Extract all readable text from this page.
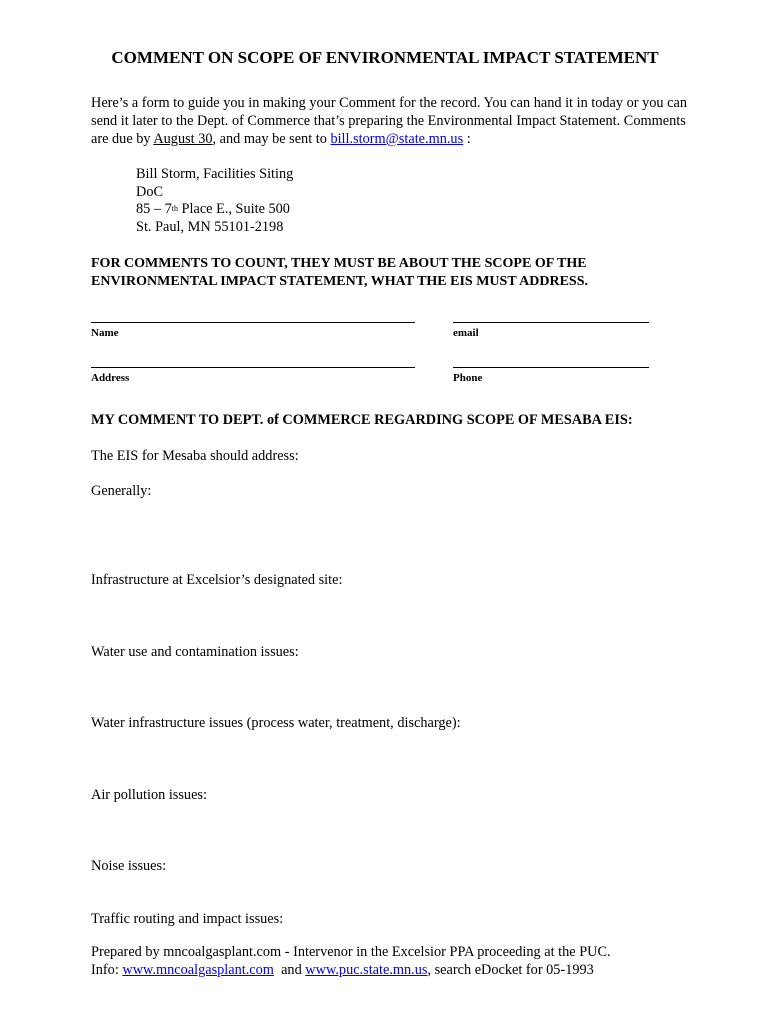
COMMENT ON SCOPE OF ENVIRONMENTAL IMPACT STATEMENT
Here’s a form to guide you in making your Comment for the record. You can hand it in today or you can send it later to the Dept. of Commerce that’s preparing the Environmental Impact Statement. Comments are due by August 30, and may be sent to bill.storm@state.mn.us :
Bill Storm, Facilities Siting
DoC
85 – 7th Place E., Suite 500
St. Paul, MN 55101-2198
FOR COMMENTS TO COUNT, THEY MUST BE ABOUT THE SCOPE OF THE ENVIRONMENTAL IMPACT STATEMENT, WHAT THE EIS MUST ADDRESS.
Name	email
Address	Phone
MY COMMENT TO DEPT. of COMMERCE REGARDING SCOPE OF MESABA EIS:
The EIS for Mesaba should address:
Generally:
Infrastructure at Excelsior’s designated site:
Water use and contamination issues:
Water infrastructure issues (process water, treatment, discharge):
Air pollution issues:
Noise issues:
Traffic routing and impact issues:
Prepared by mncoalgasplant.com - Intervenor in the Excelsior PPA proceeding at the PUC.
Info: www.mncoalgasplant.com  and www.puc.state.mn.us, search eDocket for 05-1993
